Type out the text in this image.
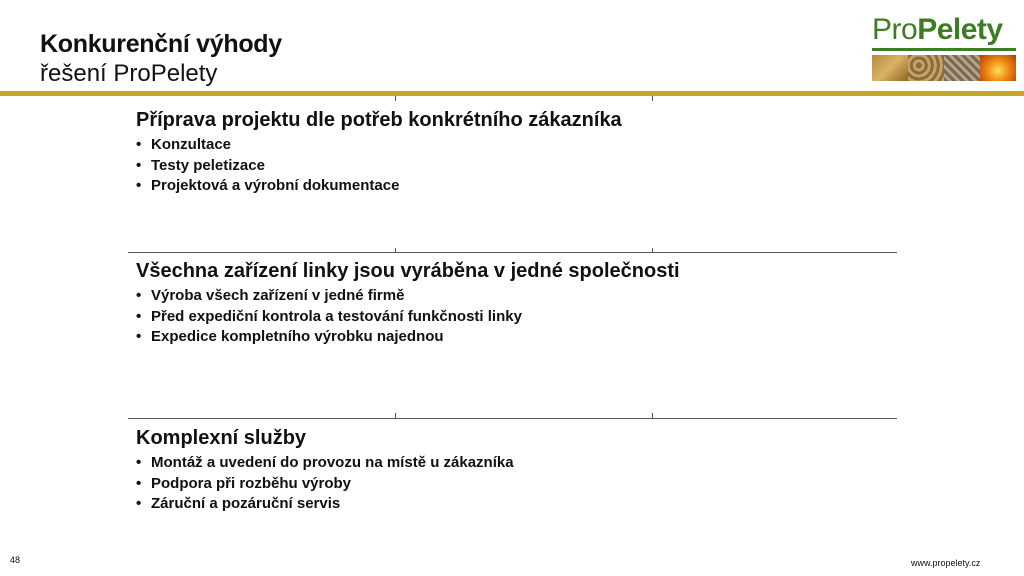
Konkurenční výhody
řešení ProPelety
ProPelety
Příprava projektu dle potřeb konkrétního zákazníka
• Konzultace
• Testy peletizace
• Projektová a výrobní dokumentace
Všechna zařízení linky jsou vyráběna v jedné společnosti
• Výroba všech zařízení v jedné firmě
• Před expediční kontrola a testování funkčnosti linky
• Expedice kompletního výrobku najednou
Komplexní služby
• Montáž a uvedení do provozu na místě u zákazníka
• Podpora při rozběhu výroby
• Záruční a pozáruční servis
48	www.propelety.cz
